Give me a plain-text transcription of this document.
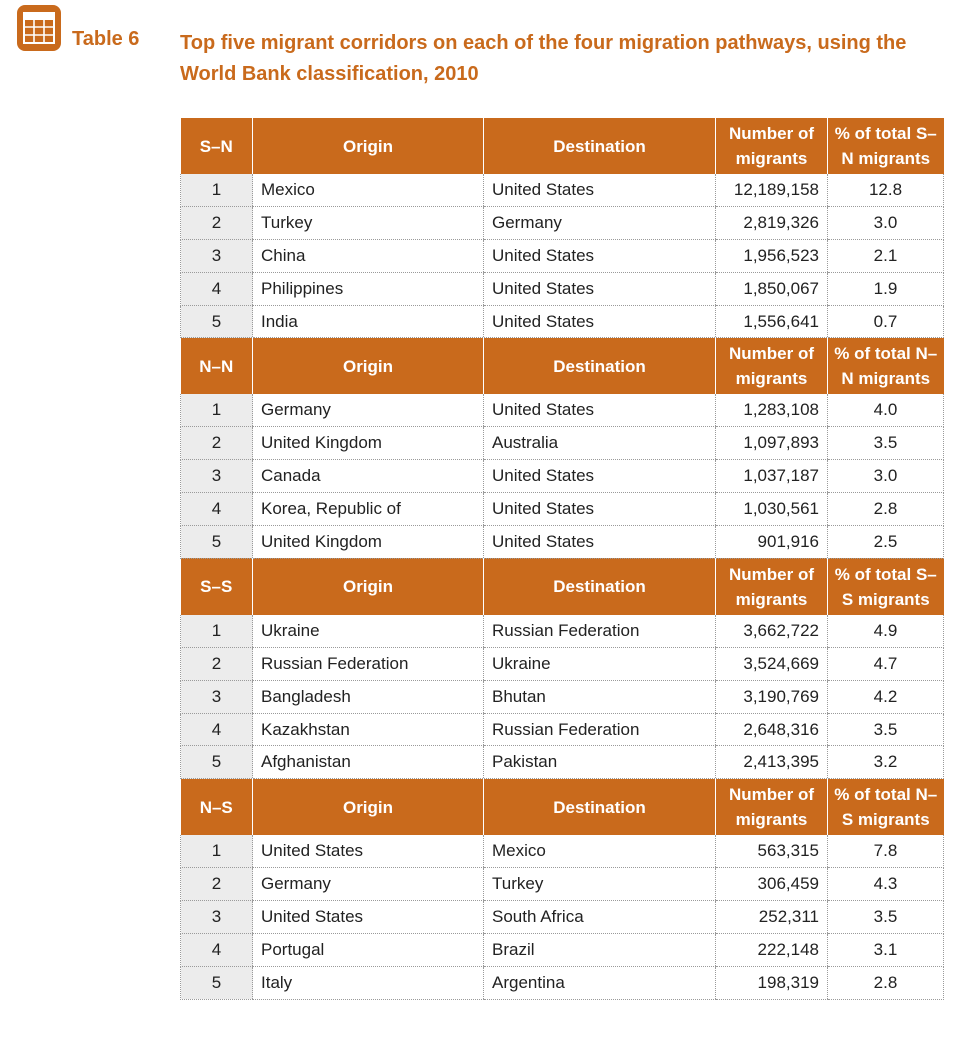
Table 6 Top five migrant corridors on each of the four migration pathways, using the World Bank classification, 2010
S–N	Origin	Destination	Number of migrants	% of total S–N migrants
1	Mexico	United States	12,189,158	12.8
2	Turkey	Germany	2,819,326	3.0
3	China	United States	1,956,523	2.1
4	Philippines	United States	1,850,067	1.9
5	India	United States	1,556,641	0.7
N–N	Origin	Destination	Number of migrants	% of total N–N migrants
1	Germany	United States	1,283,108	4.0
2	United Kingdom	Australia	1,097,893	3.5
3	Canada	United States	1,037,187	3.0
4	Korea, Republic of	United States	1,030,561	2.8
5	United Kingdom	United States	901,916	2.5
S–S	Origin	Destination	Number of migrants	% of total S–S migrants
1	Ukraine	Russian Federation	3,662,722	4.9
2	Russian Federation	Ukraine	3,524,669	4.7
3	Bangladesh	Bhutan	3,190,769	4.2
4	Kazakhstan	Russian Federation	2,648,316	3.5
5	Afghanistan	Pakistan	2,413,395	3.2
N–S	Origin	Destination	Number of migrants	% of total N–S migrants
1	United States	Mexico	563,315	7.8
2	Germany	Turkey	306,459	4.3
3	United States	South Africa	252,311	3.5
4	Portugal	Brazil	222,148	3.1
5	Italy	Argentina	198,319	2.8
